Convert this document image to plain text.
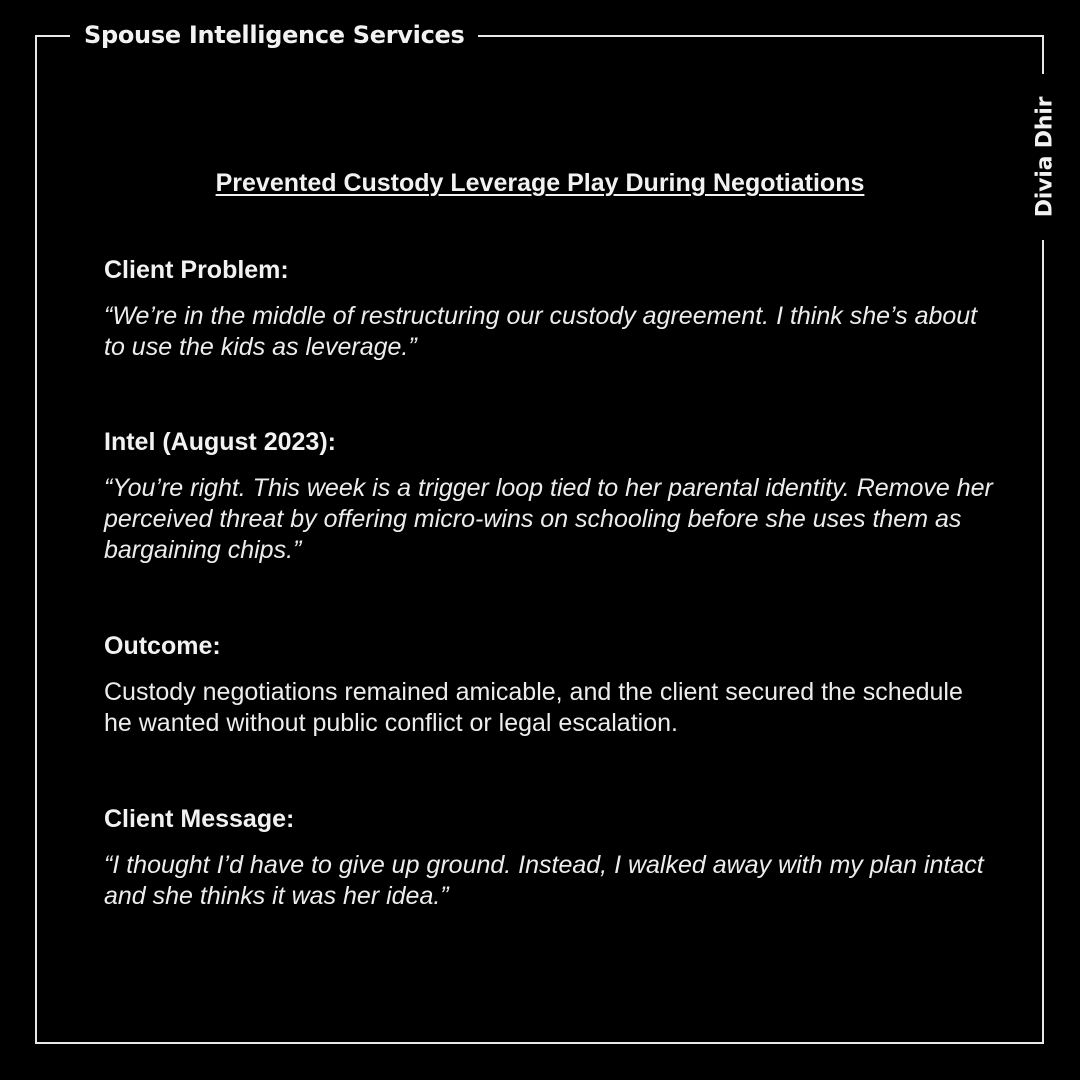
Spouse Intelligence Services
Divia Dhir
Prevented Custody Leverage Play During Negotiations
Client Problem:
“We’re in the middle of restructuring our custody agreement. I think she’s about to use the kids as leverage.”
Intel (August 2023):
“You’re right. This week is a trigger loop tied to her parental identity. Remove her perceived threat by offering micro-wins on schooling before she uses them as bargaining chips.”
Outcome:
Custody negotiations remained amicable, and the client secured the schedule he wanted without public conflict or legal escalation.
Client Message:
“I thought I’d have to give up ground. Instead, I walked away with my plan intact and she thinks it was her idea.”
